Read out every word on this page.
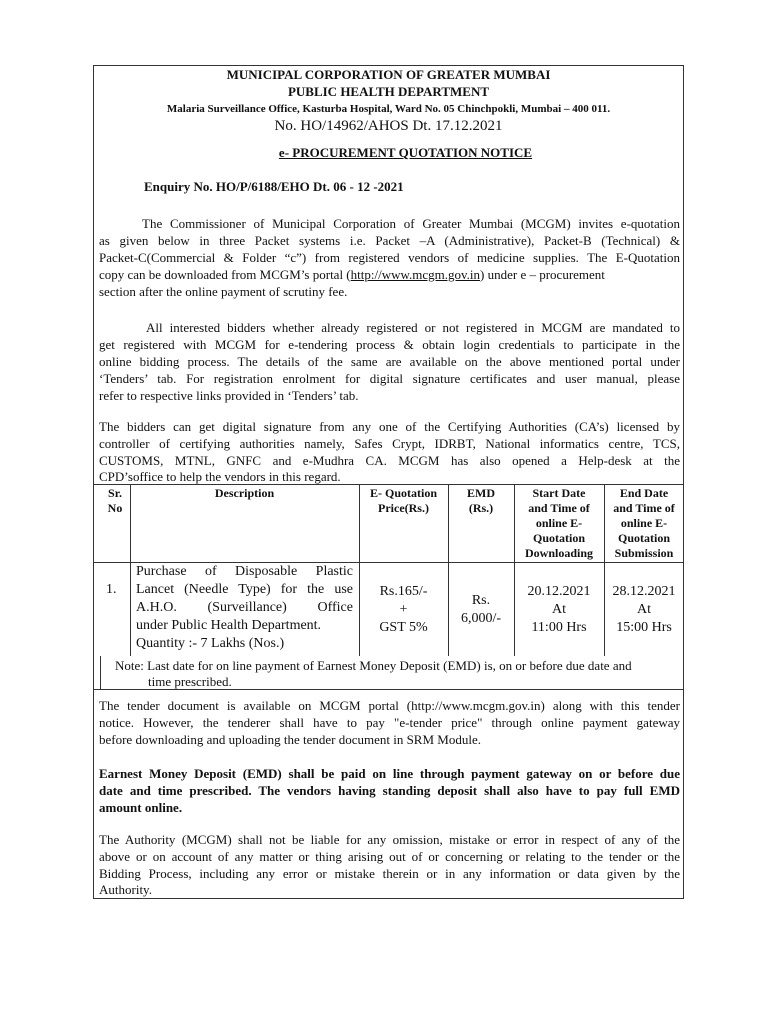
MUNICIPAL CORPORATION OF GREATER MUMBAI
PUBLIC HEALTH DEPARTMENT
Malaria Surveillance Office, Kasturba Hospital, Ward No. 05 Chinchpokli, Mumbai – 400 011.
No. HO/14962/AHOS Dt. 17.12.2021
e- PROCUREMENT QUOTATION NOTICE
Enquiry No. HO/P/6188/EHO Dt. 06 - 12 -2021
The Commissioner of Municipal Corporation of Greater Mumbai (MCGM) invites e-quotation
as given below in three Packet systems i.e. Packet –A (Administrative), Packet-B (Technical) &
Packet-C(Commercial & Folder “c”) from registered vendors of medicine supplies. The E-Quotation
copy can be downloaded from MCGM’s portal (http://www.mcgm.gov.in) under e – procurement
section after the online payment of scrutiny fee.
All interested bidders whether already registered or not registered in MCGM are mandated to
get registered with MCGM for e-tendering process & obtain login credentials to participate in the
online bidding process. The details of the same are available on the above mentioned portal under
‘Tenders’ tab. For registration enrolment for digital signature certificates and user manual, please
refer to respective links provided in ‘Tenders’ tab.
The bidders can get digital signature from any one of the Certifying Authorities (CA’s) licensed by
controller of certifying authorities namely, Safes Crypt, IDRBT, National informatics centre, TCS,
CUSTOMS, MTNL, GNFC and e-Mudhra CA. MCGM has also opened a Help-desk at the
CPD’soffice to help the vendors in this regard.
Sr.
No
Description	E- Quotation
Price(Rs.)
EMD
(Rs.)
Start Date
and Time of
online E-
Quotation
Downloading
End Date
and Time of
online E-
Quotation
Submission
1.
Purchase of Disposable Plastic
Lancet (Needle Type) for the use
A.H.O. (Surveillance) Office
under Public Health Department.
Quantity :- 7 Lakhs (Nos.)
Rs.165/-
+
GST 5%
Rs.
6,000/-
20.12.2021
At
11:00 Hrs
28.12.2021
At
15:00 Hrs
Note: Last date for on line payment of Earnest Money Deposit (EMD) is, on or before due date and
time prescribed.
The tender document is available on MCGM portal (http://www.mcgm.gov.in) along with this tender
notice. However, the tenderer shall have to pay "e-tender price" through online payment gateway
before downloading and uploading the tender document in SRM Module.
Earnest Money Deposit (EMD) shall be paid on line through payment gateway on or before due
date and time prescribed. The vendors having standing deposit shall also have to pay full EMD
amount online.
The Authority (MCGM) shall not be liable for any omission, mistake or error in respect of any of the
above or on account of any matter or thing arising out of or concerning or relating to the tender or the
Bidding Process, including any error or mistake therein or in any information or data given by the
Authority.
